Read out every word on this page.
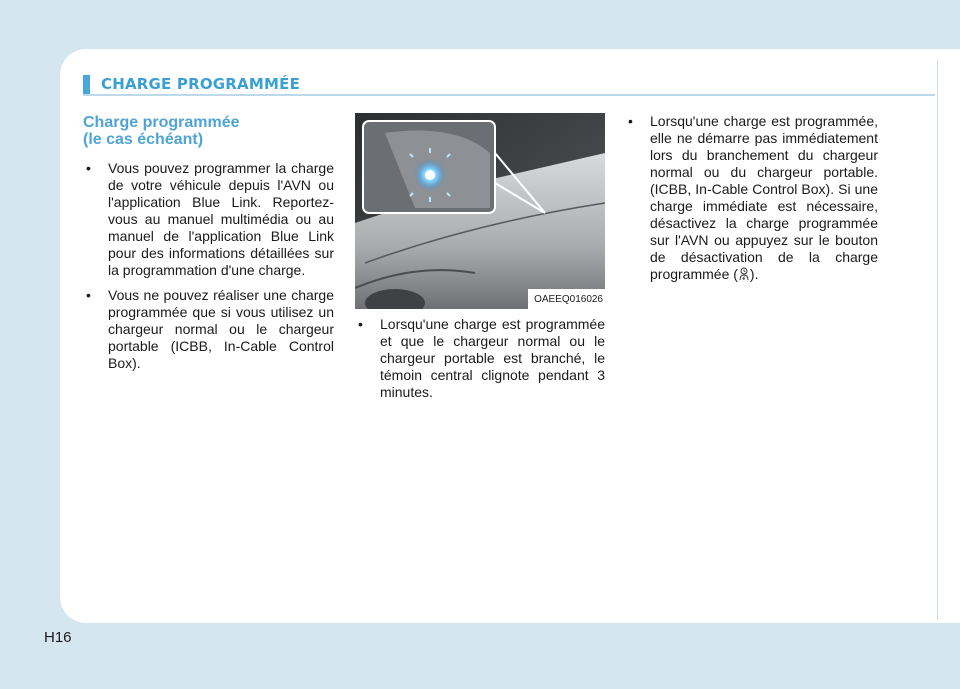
CHARGE PROGRAMMÉE
Charge programmée
(le cas échéant)
• Vous pouvez programmer la charge de votre véhicule depuis l'AVN ou l'application Blue Link. Reportez-vous au manuel multimédia ou au manuel de l'application Blue Link pour des informations détaillées sur la programmation d'une charge.
• Vous ne pouvez réaliser une charge programmée que si vous utilisez un chargeur normal ou le chargeur portable (ICBB, In-Cable Control Box).
OAEEQ016026
• Lorsqu'une charge est programmée et que le chargeur normal ou le chargeur portable est branché, le témoin central clignote pendant 3 minutes.
• Lorsqu'une charge est programmée, elle ne démarre pas immédiatement lors du branchement du chargeur normal ou du chargeur portable. (ICBB, In-Cable Control Box). Si une charge immédiate est nécessaire, désactivez la charge programmée sur l'AVN ou appuyez sur le bouton de désactivation de la charge programmée ( ).
H16
